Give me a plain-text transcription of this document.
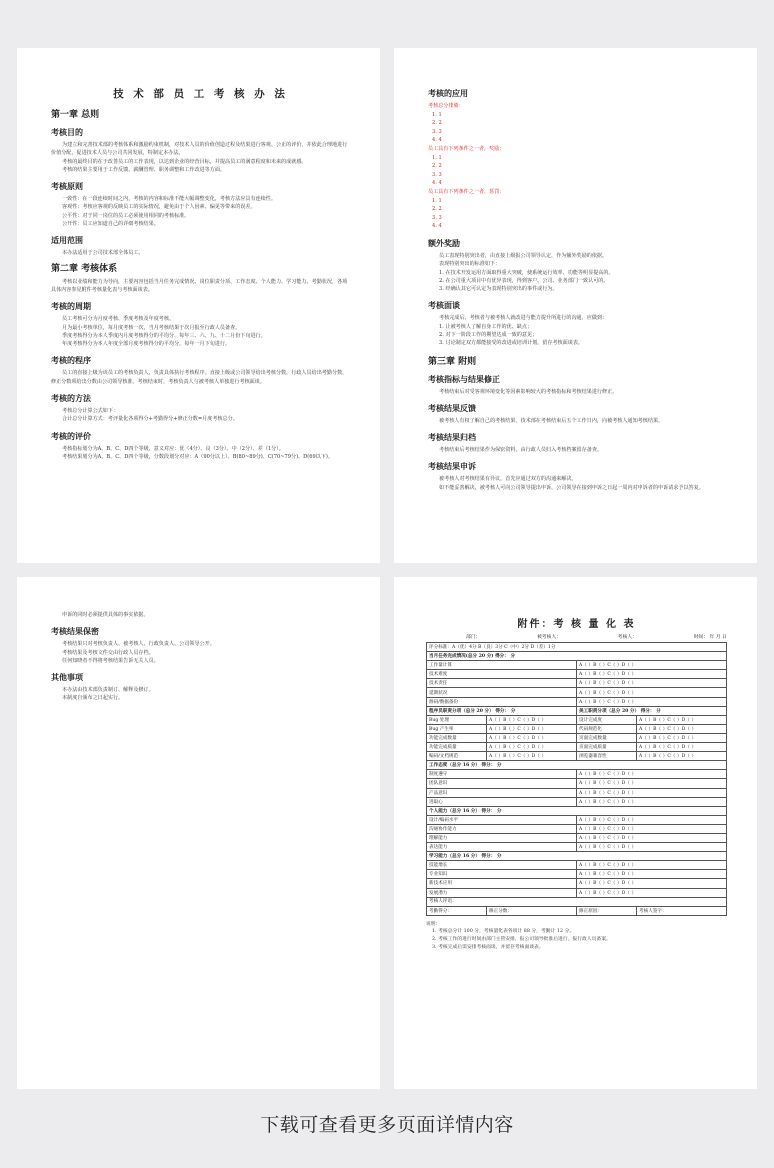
技 术 部 员 工 考 核 办 法
第一章 总则
考核目的
为建立和完善技术部的考核体系和激励约束机制，对技术人员的价值创造过程及结果进行客观、公正的评价，并依此合理地进行价值分配，促进技术人员与公司共同发展，特制定本办法。
考核的最终目的在于改善员工的工作表现，以达到企业的经营目标，并提高员工的满意程度和未来的成就感。
考核的结果主要用于工作反馈、薪酬管理、职务调整和工作改进等方面。
考核原则
一致性：在一段连续时间之内，考核的内容和标准不能大幅调整变化，考核方法应具有连续性。
客观性：考核应客观的反映员工的实际情况，避免由于个人因素、偏见等带来的误差。
公平性：对于同一岗位的员工必须使用相同的考核标准。
公开性：员工应知道自己的详细考核结果。
适用范围
本办法适用于公司技术部全体员工。
第二章 考核体系
考核以业绩和能力为导向，主要内容包括当月任务完成情况、岗位职责分项、工作态度、个人能力、学习能力、考勤状况，各项具体内容参见附件考核量化表与考核面谈表。
考核的周期
员工考核可分为月度考核、季度考核及年度考核。
月为最小考核单位，每月度考核一次，当月考核结果于次月报至行政人员备查。
季度考核得分为本人季度内月度考核得分的平均分，每年三、六、九、十二月份下旬进行。
年度考核得分为本人年度全部月度考核得分的平均分，每年一月下旬进行。
考核的程序
员工的直接上级为该员工的考核负责人，负责具体执行考核程序。直接上级或公司领导给出考核分数，行政人员给出考勤分数，修正分数项给出分数由公司领导核准。考核结束时，考核负责人与被考核人单独进行考核面谈。
考核的方法
考核总分计算公式如下：
合计总分计算方式：考评量化各项得分+考勤得分+修正分数=月度考核总分。
考核的评价
考核指标划分为A、B、C、D四个等级，意义对应：优（4分）、良（3分）、中（2分）、差（1分）。
考核结果划分为A、B、C、D四个等级，分数段划分对应：A（90分以上）、B(80~89分)、C(70~79分)、D(69以下)。
考核的应用
考核总分排骑：
1. 1
2. 2
3. 3
4. 4
员工具有下列条件之一者，奖励：
1. 1
2. 2
3. 3
4. 4
员工具有下列条件之一者，惩罚：
1. 1
2. 2
3. 3
4. 4
额外奖励
员工表现特别突出者，由直接上级报公司领导认定，作为额外奖励的依据。
表现特别突出的标准如下：
1. 在技术开发运用方面取得重大突破，使系统运行效率、功能等明显提高的。
2. 在公司重大项目中有优异表现，得到客户、公司、业务部门一致认可的。
3. 经确认其它可认定为表现特别突出的事件或行为。
考核面谈
考核完成后，考核者与被考核人就改进与能力提升所进行的沟通，应做到：
1. 让被考核人了解自身工作的优、缺点；
2. 对下一阶段工作的期望达成一致的意见；
3. 讨论制定双方都能接受的改进或培训计划，留存考核面谈表。
第三章 附则
考核指标与结果修正
考核结束后对受客观环境变化等因素影响较大的考核指标和考核结果进行修正。
考核结果反馈
被考核人有权了解自己的考核结果，技术部在考核结束后五个工作日内，向被考核人通知考核结果。
考核结果归档
考核结束后考核结果作为保密资料，由行政人员归入考核档案留存备查。
考核结果申诉
被考核人对考核结果有异议，首先应通过双方的沟通来解决。
如不能妥善解决，被考核人可向公司领导提出申诉，公司领导在接到申诉之日起一周内对申诉者的申诉请求予以答复。
申诉的同时必须提供具体的事实依据。
考核结果保密
考核结果只对考核负责人、被考核人、行政负责人、公司领导公开。
考核结果及考核文件交由行政人员存档。
任何知晓者不得将考核结果告诉无关人员。
其他事项
本办法由技术部负责制订、解释及修订。
本制度自颁布之日起实行。
附件：考 核 量 化 表
部门：	被考核人：	考核人：	时间： 年 月 日
评分标准：A（优）4分 B（良）3分 C（中）2分 D（差）1分			
当月任务完成情况(总分 20 分) 得分： 分			
工作量计算		A（ ）B（ ）C（ ）D（ ）	
技术难度		A（ ）B（ ）C（ ）D（ ）	
技术责任		A（ ）B（ ）C（ ）D（ ）	
延期状况		A（ ）B（ ）C（ ）D（ ）	
源码/数据备份		A（ ）B（ ）C（ ）D（ ）	
程序员职责分项（总分 20 分） 得分： 分		美工职责分项（总分 20 分） 得分： 分	
Bug 处理	A（ ）B（ ）C（ ）D（ ）	设计完成度	A（ ）B（ ）C（ ）D（ ）
Bug 产生率	A（ ）B（ ）C（ ）D（ ）	代码规范化	A（ ）B（ ）C（ ）D（ ）
功能完成数量	A（ ）B（ ）C（ ）D（ ）	页面完成数量	A（ ）B（ ）C（ ）D（ ）
功能完成质量	A（ ）B（ ）C（ ）D（ ）	页面完成质量	A（ ）B（ ）C（ ）D（ ）
编码/文档规范	A（ ）B（ ）C（ ）D（ ）	浏览器兼容性	A（ ）B（ ）C（ ）D（ ）
工作态度（总分 16 分） 得分： 分			
制度遵守		A（ ）B（ ）C（ ）D（ ）	
团队意识		A（ ）B（ ）C（ ）D（ ）	
产品意识		A（ ）B（ ）C（ ）D（ ）	
进取心		A（ ）B（ ）C（ ）D（ ）	
个人能力（总分 16 分） 得分： 分			
设计/编码水平		A（ ）B（ ）C（ ）D（ ）	
沟通协作能力		A（ ）B（ ）C（ ）D（ ）	
理解能力		A（ ）B（ ）C（ ）D（ ）	
表达能力		A（ ）B（ ）C（ ）D（ ）	
学习能力（总分 16 分） 得分： 分			
技能增长		A（ ）B（ ）C（ ）D（ ）	
专业知识		A（ ）B（ ）C（ ）D（ ）	
新技术应用		A（ ）B（ ）C（ ）D（ ）	
发展潜力		A（ ）B（ ）C（ ）D（ ）	
考核人评语：			
考勤得分：	修正分数：	修正原因：	考核人签字：
说明：
1. 考核总分计 100 分，考核量化表各项计 88 分，考勤计 12 分。
2. 考核工作的进行时间由部门主管安排，报公司领导批准后进行，报行政人员备案。
3. 考核完成后需安排考核面谈，并留存考核面谈表。
下载可查看更多页面详情内容
